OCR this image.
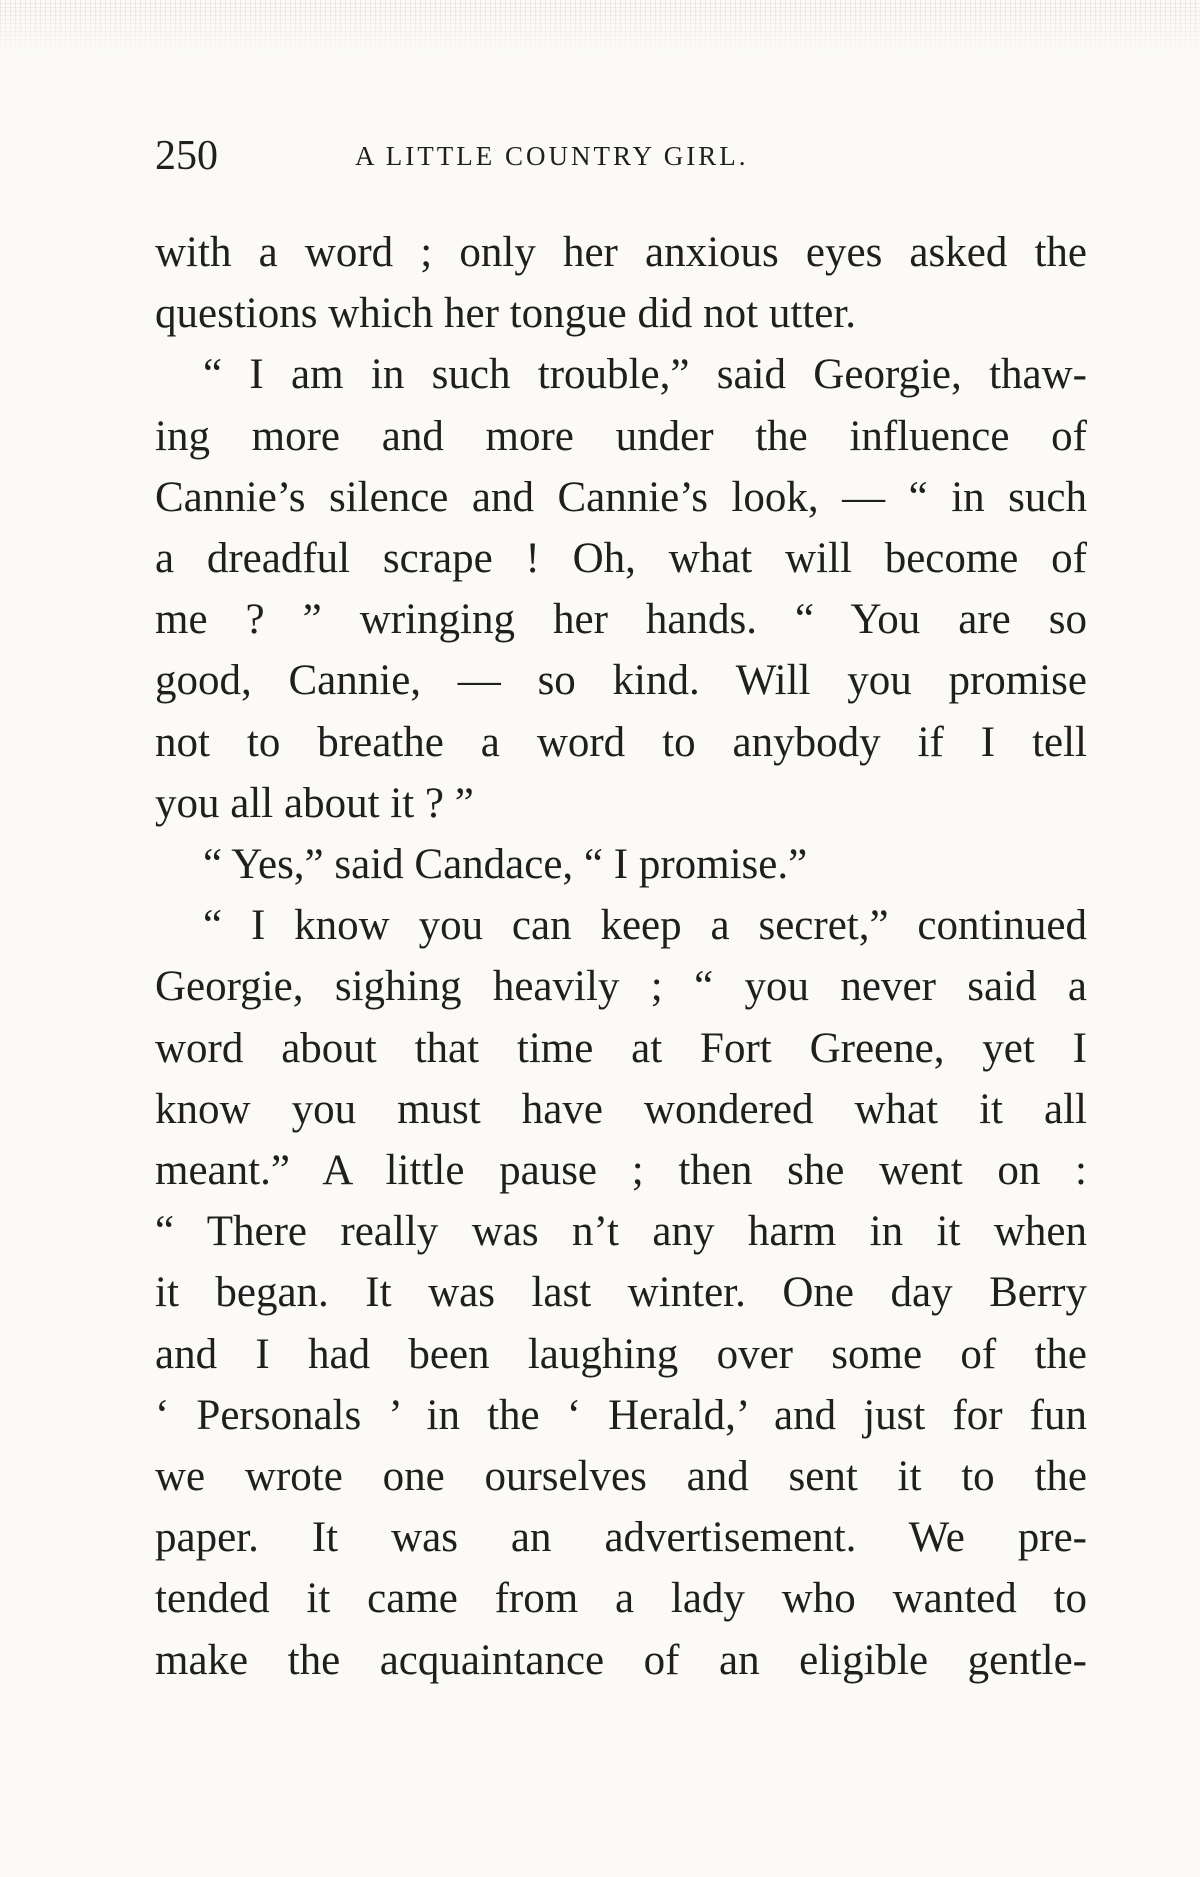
250	A LITTLE COUNTRY GIRL.
with a word ; only her anxious eyes asked the
questions which her tongue did not utter.
“ I am in such trouble,” said Georgie, thaw-
ing more and more under the influence of
Cannie’s silence and Cannie’s look, — “ in such
a dreadful scrape ! Oh, what will become of
me ? ” wringing her hands. “ You are so
good, Cannie, — so kind. Will you promise
not to breathe a word to anybody if I tell
you all about it ? ”
“ Yes,” said Candace, “ I promise.”
“ I know you can keep a secret,” continued
Georgie, sighing heavily ; “ you never said a
word about that time at Fort Greene, yet I
know you must have wondered what it all
meant.” A little pause ; then she went on :
“ There really was n’t any harm in it when
it began. It was last winter. One day Berry
and I had been laughing over some of the
‘ Personals ’ in the ‘ Herald,’ and just for fun
we wrote one ourselves and sent it to the
paper. It was an advertisement. We pre-
tended it came from a lady who wanted to
make the acquaintance of an eligible gentle-
